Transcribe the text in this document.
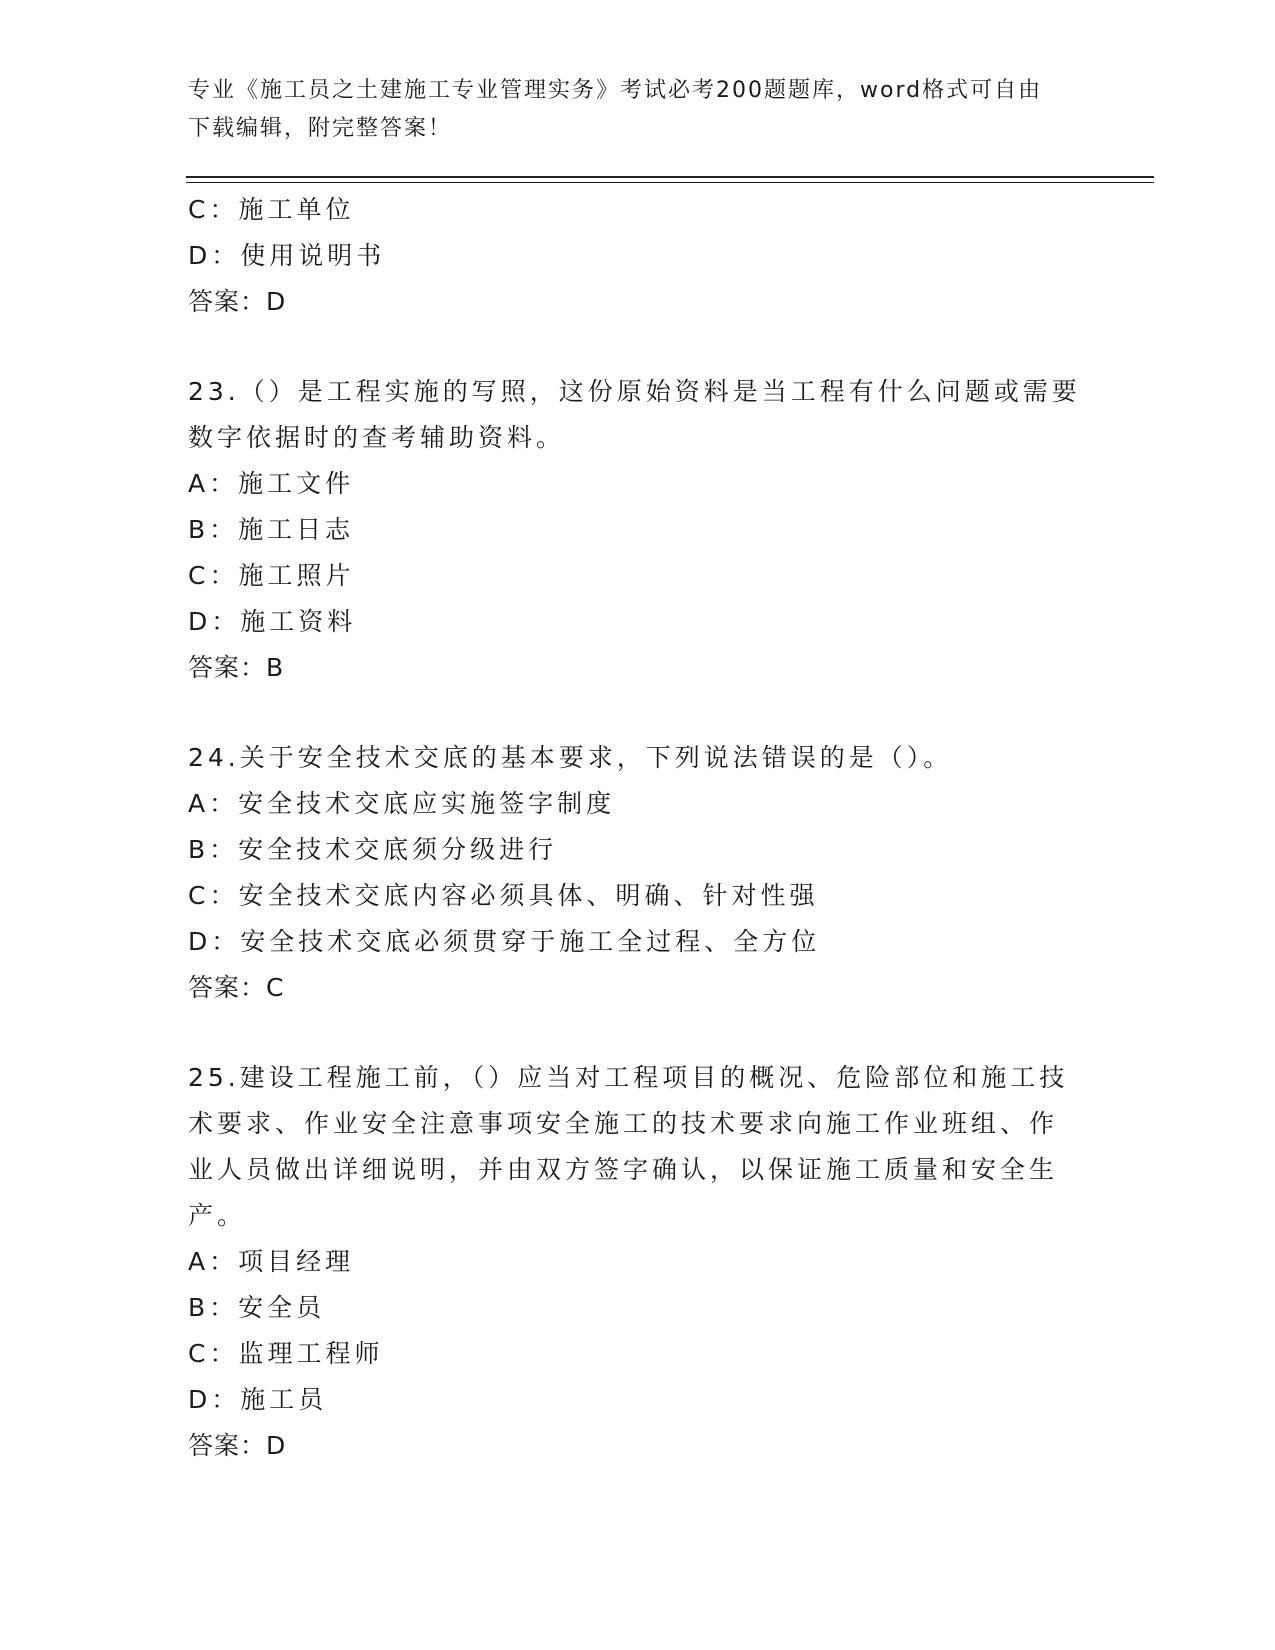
专业《施工员之土建施工专业管理实务》考试必考200题题库，word格式可自由
下载编辑，附完整答案！
C：施工单位
D：使用说明书
答案：D
23.（）是工程实施的写照，这份原始资料是当工程有什么问题或需要
数字依据时的查考辅助资料。
A：施工文件
B：施工日志
C：施工照片
D：施工资料
答案：B
24.关于安全技术交底的基本要求，下列说法错误的是（）。
A：安全技术交底应实施签字制度
B：安全技术交底须分级进行
C：安全技术交底内容必须具体、明确、针对性强
D：安全技术交底必须贯穿于施工全过程、全方位
答案：C
25.建设工程施工前，（）应当对工程项目的概况、危险部位和施工技
术要求、作业安全注意事项安全施工的技术要求向施工作业班组、作
业人员做出详细说明，并由双方签字确认，以保证施工质量和安全生
产。
A：项目经理
B：安全员
C：监理工程师
D：施工员
答案：D
